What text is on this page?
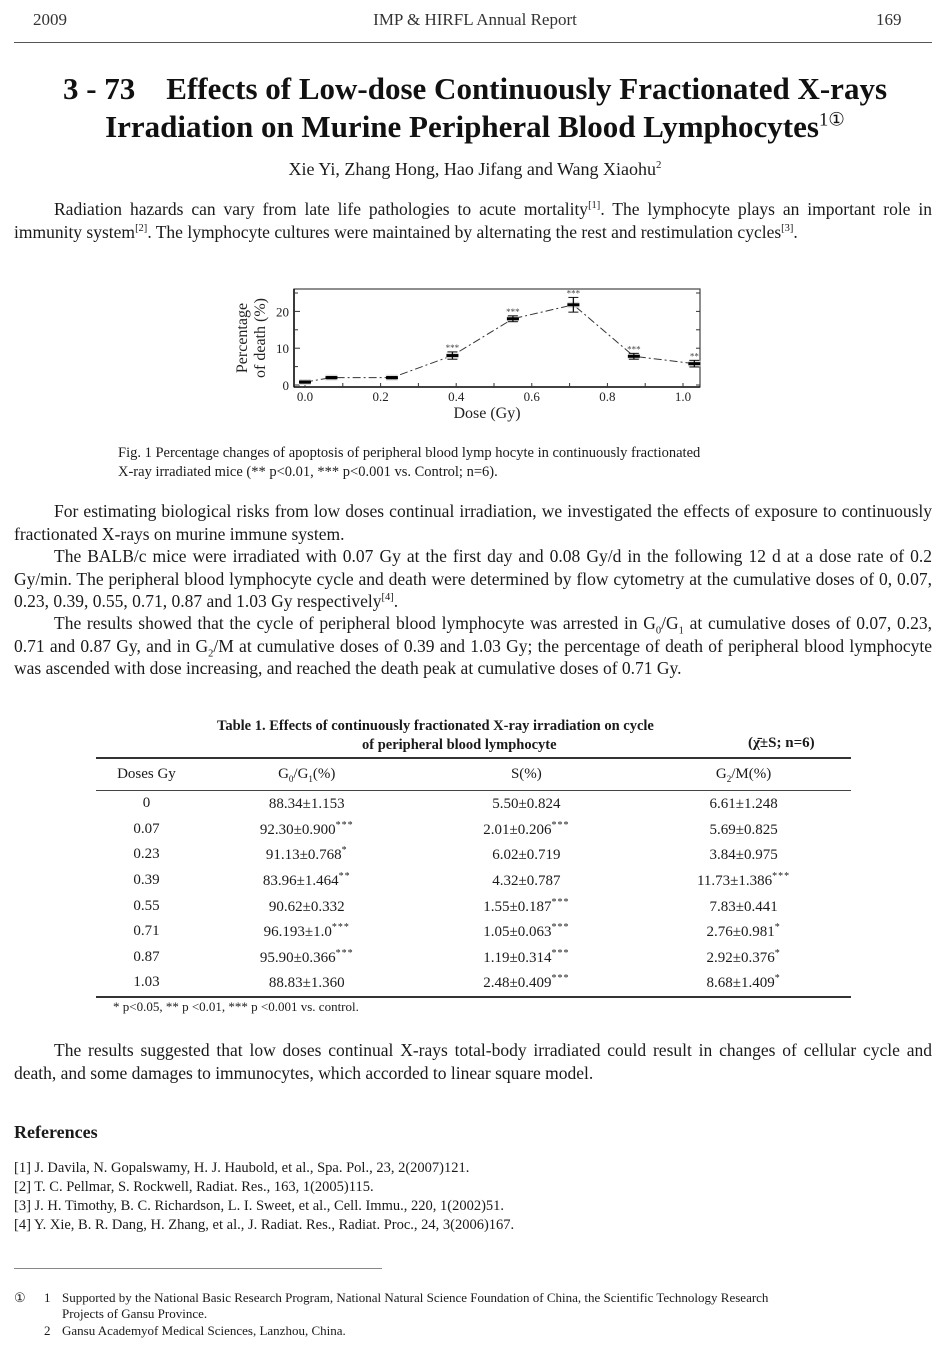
2009	IMP & HIRFL Annual Report	169
3 - 73 Effects of Low-dose Continuously Fractionated X-rays
Irradiation on Murine Peripheral Blood Lymphocytes$^{1①}$
Xie Yi, Zhang Hong, Hao Jifang and Wang Xiaohu$^2$
Radiation hazards can vary from late life pathologies to acute mortality[1]. The lymphocyte plays an important role in immunity system[2]. The lymphocyte cultures were maintained by alternating the rest and restimulation cycles[3].
0
10
20
0.0	0.2	0.4	0.6	0.8	1.0
***
***
***
***
**
Dose (Gy)
Percentage of death (%)
Fig. 1 Percentage changes of apoptosis of peripheral blood lymp hocyte in continuously fractionated
X-ray irradiated mice (** p<0.01, *** p<0.001 vs. Control; n=6).
For estimating biological risks from low doses continual irradiation, we investigated the effects of exposure to continuously fractionated X-rays on murine immune system.
The BALB/c mice were irradiated with 0.07 Gy at the first day and 0.08 Gy/d in the following 12 d at a dose rate of 0.2 Gy/min. The peripheral blood lymphocyte cycle and death were determined by flow cytometry at the cumulative doses of 0, 0.07, 0.23, 0.39, 0.55, 0.71, 0.87 and 1.03 Gy respectively[4].
The results showed that the cycle of peripheral blood lymphocyte was arrested in $G_0/G_1$ at cumulative doses of 0.07, 0.23, 0.71 and 0.87 Gy, and in $G_2/M$ at cumulative doses of 0.39 and 1.03 Gy; the percentage of death of peripheral blood lymphocyte was ascended with dose increasing, and reached the death peak at cumulative doses of 0.71 Gy.
Table 1. Effects of continuously fractionated X-ray irradiation on cycle
of peripheral blood lymphocyte	(χ̄±S; n=6)
Doses Gy	$G_0/G_1(\%)$	S(%)	$G_2/M(\%)$
0	88.34±1.153	5.50±0.824	6.61±1.248
0.07	92.30±0.900***	2.01±0.206***	5.69±0.825
0.23	91.13±0.768*	6.02±0.719	3.84±0.975
0.39	83.96±1.464**	4.32±0.787	11.73±1.386***
0.55	90.62±0.332	1.55±0.187***	7.83±0.441
0.71	96.193±1.0***	1.05±0.063***	2.76±0.981*
0.87	95.90±0.366***	1.19±0.314***	2.92±0.376*
1.03	88.83±1.360	2.48±0.409***	8.68±1.409*
* p<0.05, ** p <0.01, *** p <0.001 vs. control.
The results suggested that low doses continual X-rays total-body irradiated could result in changes of cellular cycle and death, and some damages to immunocytes, which accorded to linear square model.
References
[1] J. Davila, N. Gopalswamy, H. J. Haubold, et al., Spa. Pol., 23, 2(2007)121.
[2] T. C. Pellmar, S. Rockwell, Radiat. Res., 163, 1(2005)115.
[3] J. H. Timothy, B. C. Richardson, L. I. Sweet, et al., Cell. Immu., 220, 1(2002)51.
[4] Y. Xie, B. R. Dang, H. Zhang, et al., J. Radiat. Res., Radiat. Proc., 24, 3(2006)167.
① 1 Supported by the National Basic Research Program, National Natural Science Foundation of China, the Scientific Technology Research
Projects of Gansu Province.
2 Gansu Academyof Medical Sciences, Lanzhou, China.
